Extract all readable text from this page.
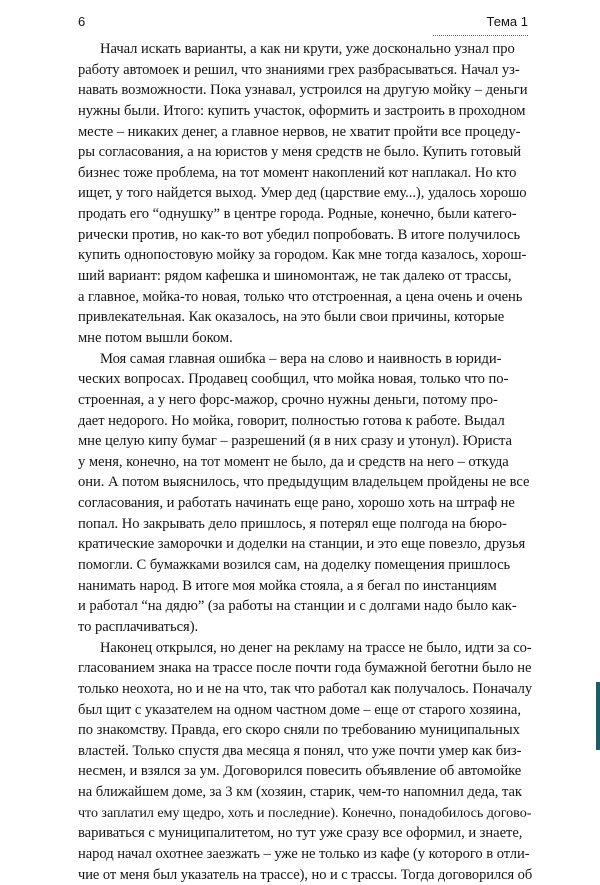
6	Тема 1
Начал искать варианты, а как ни крути, уже досконально узнал про
работу автомоек и решил, что знаниями грех разбрасываться. Начал уз-
навать возможности. Пока узнавал, устроился на другую мойку – деньги
нужны были. Итого: купить участок, оформить и застроить в проходном
месте – никаких денег, а главное нервов, не хватит пройти все процеду-
ры согласования, а на юристов у меня средств не было. Купить готовый
бизнес тоже проблема, на тот момент накоплений кот наплакал. Но кто
ищет, у того найдется выход. Умер дед (царствие ему...), удалось хорошо
продать его “однушку” в центре города. Родные, конечно, были катего-
рически против, но как-то вот убедил попробовать. В итоге получилось
купить однопостовую мойку за городом. Как мне тогда казалось, хорош-
ший вариант: рядом кафешка и шиномонтаж, не так далеко от трассы,
а главное, мойка-то новая, только что отстроенная, а цена очень и очень
привлекательная. Как оказалось, на это были свои причины, которые
мне потом вышли боком.
Моя самая главная ошибка – вера на слово и наивность в юриди-
ческих вопросах. Продавец сообщил, что мойка новая, только что по-
строенная, а у него форс-мажор, срочно нужны деньги, потому про-
дает недорого. Но мойка, говорит, полностью готова к работе. Выдал
мне целую кипу бумаг – разрешений (я в них сразу и утонул). Юриста
у меня, конечно, на тот момент не было, да и средств на него – откуда
они. А потом выяснилось, что предыдущим владельцем пройдены не все
согласования, и работать начинать еще рано, хорошо хоть на штраф не
попал. Но закрывать дело пришлось, я потерял еще полгода на бюро-
кратические заморочки и доделки на станции, и это еще повезло, друзья
помогли. С бумажками возился сам, на доделку помещения пришлось
нанимать народ. В итоге моя мойка стояла, а я бегал по инстанциям
и работал “на дядю” (за работы на станции и с долгами надо было как-
то расплачиваться).
Наконец открылся, но денег на рекламу на трассе не было, идти за со-
гласованием знака на трассе после почти года бумажной беготни было не
только неохота, но и не на что, так что работал как получалось. Поначалу
был щит с указателем на одном частном доме – еще от старого хозяина,
по знакомству. Правда, его скоро сняли по требованию муниципальных
властей. Только спустя два месяца я понял, что уже почти умер как биз-
несмен, и взялся за ум. Договорился повесить объявление об автомойке
на ближайшем доме, за 3 км (хозяин, старик, чем-то напомнил деда, так
что заплатил ему щедро, хоть и последние). Конечно, понадобилось догово-
вариваться с муниципалитетом, но тут уже сразу все оформил, и знаете,
народ начал охотнее заезжать – уже не только из кафе (у которого в отли-
чие от меня был указатель на трассе), но и с трассы. Тогда договорился об
